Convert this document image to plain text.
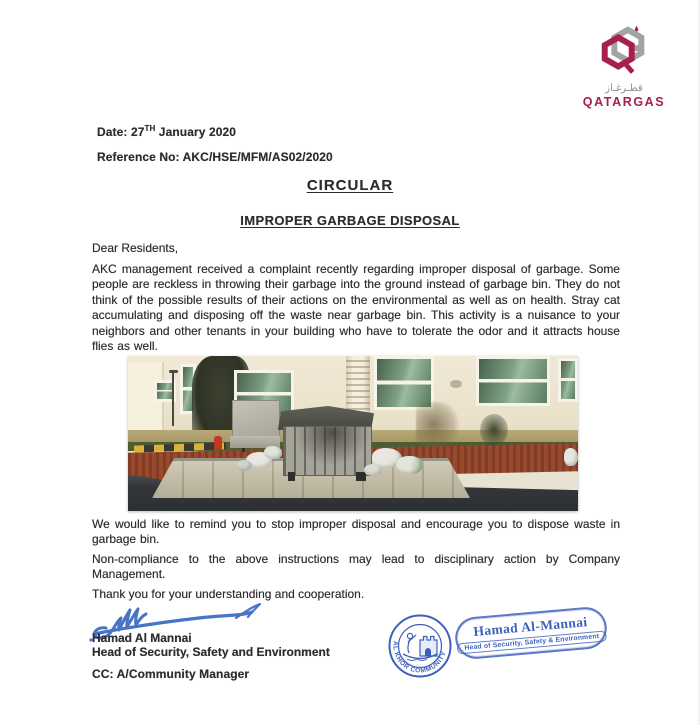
قطـرغـاز
QATARGAS

Date: 27TH January 2020

Reference No: AKC/HSE/MFM/AS02/2020

CIRCULAR
IMPROPER GARBAGE DISPOSAL

Dear Residents,

AKC management received a complaint recently regarding improper disposal of garbage. Some people are reckless in throwing their garbage into the ground instead of garbage bin. They do not think of the possible results of their actions on the environmental as well as on health. Stray cat accumulating and disposing off the waste near garbage bin. This activity is a nuisance to your neighbors and other tenants in your building who have to tolerate the odor and it attracts house flies as well.

We would like to remind you to stop improper disposal and encourage you to dispose waste in garbage bin.

Non-compliance to the above instructions may lead to disciplinary action by Company Management.

Thank you for your understanding and cooperation.

Hamad Al Mannai

Head of Security, Safety and Environment

CC: A/Community Manager

AL KHOR COMMUNITY
Hamad Al-Mannai
Head of Security, Safety & Environment
